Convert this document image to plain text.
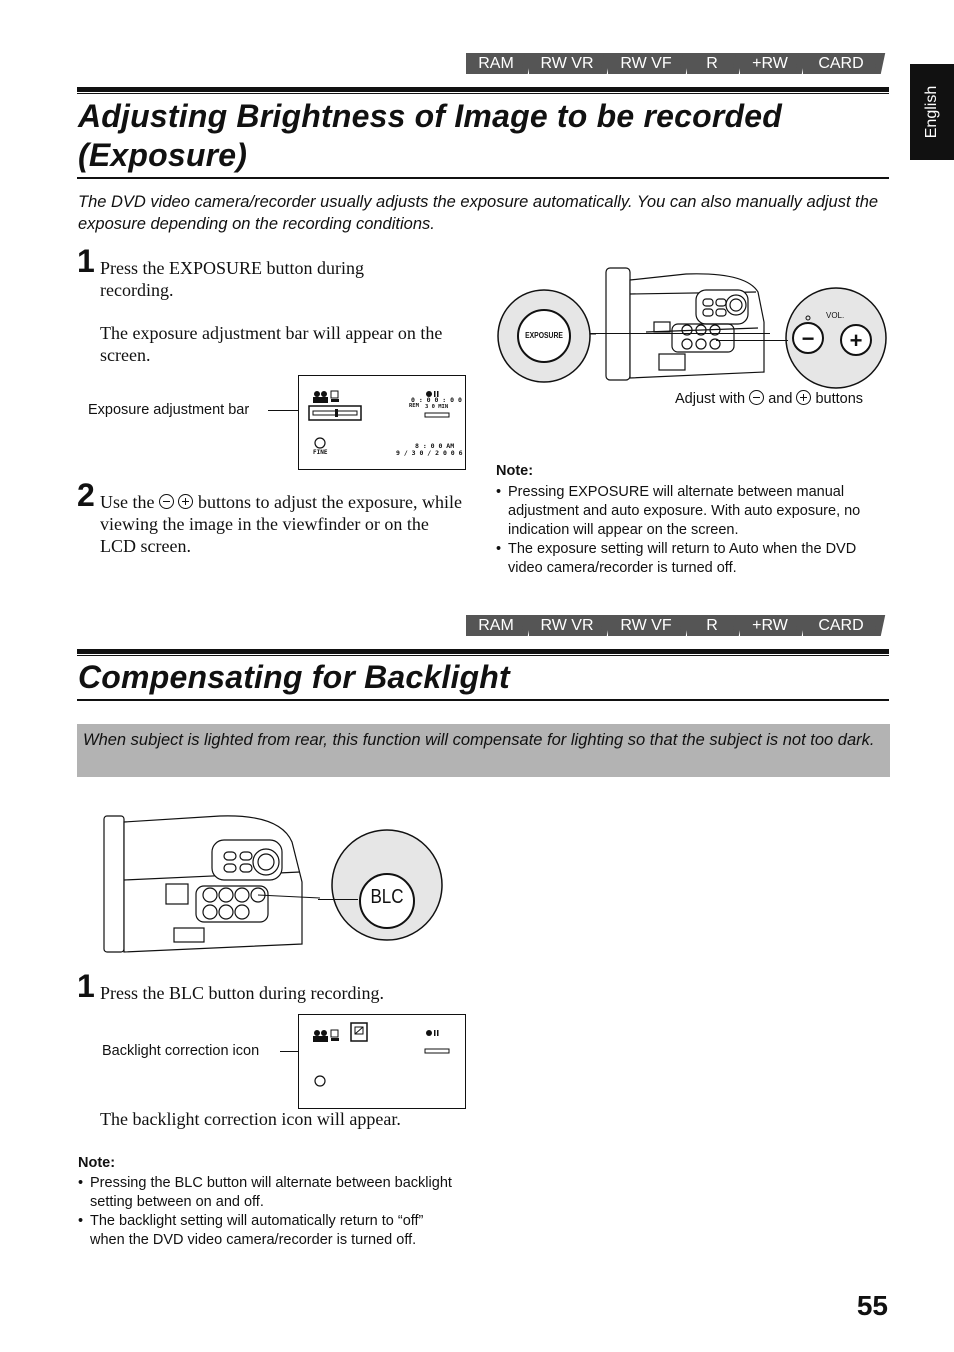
English
RAM	RW VR	RW VF	R	+RW	CARD
Adjusting Brightness of Image to be recorded
(Exposure)
The DVD video camera/recorder usually adjusts the exposure automatically. You can also manually adjust the exposure depending on the recording conditions.
1 Press the EXPOSURE button during recording.
The exposure adjustment bar will appear on the screen.
Exposure adjustment bar
0 : 0 0 : 0 0
REM 3 0 MIN
8 : 0 0 AM
9 / 3 0 / 2 0 0 6
FINE
EXPOSURE
VOL.
− +
Adjust with and buttons
2 Use the
buttons to adjust the exposure, while viewing the image in the viewfinder or on the LCD screen.
Note:
• Pressing EXPOSURE will alternate between manual adjustment and auto exposure. With auto exposure, no indication will appear on the screen.
• The exposure setting will return to Auto when the DVD video camera/recorder is turned off.
RAM	RW VR	RW VF	R	+RW	CARD
Compensating for Backlight
When subject is lighted from rear, this function will compensate for lighting so that the subject is not too dark.
BLC
1 Press the BLC button during recording.
Backlight correction icon
The backlight correction icon will appear.
Note:
• Pressing the BLC button will alternate between backlight setting between on and off.
• The backlight setting will automatically return to “off” when the DVD video camera/recorder is turned off.
55
